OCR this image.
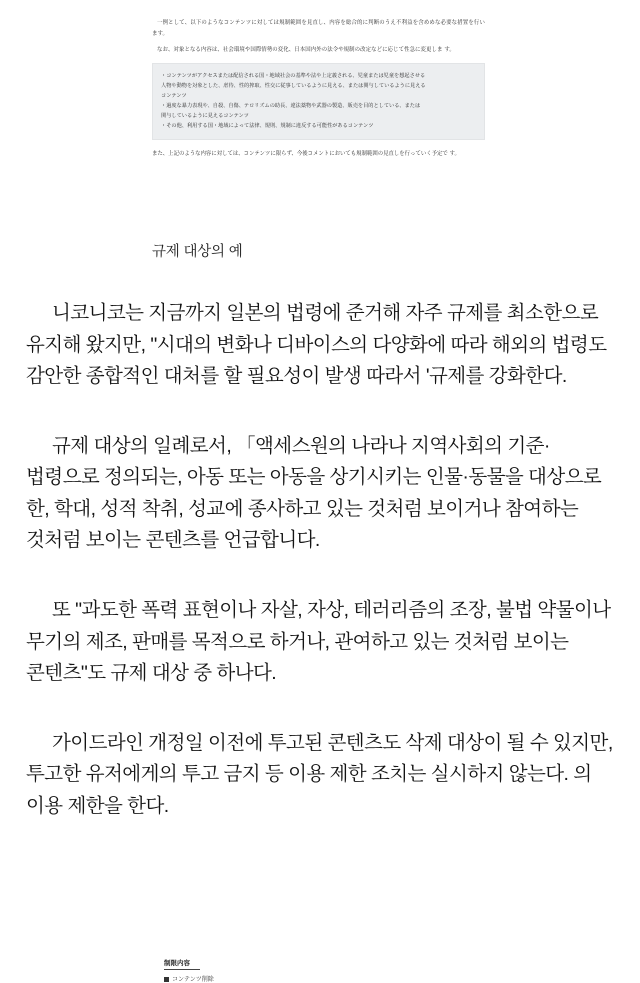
一例として、以下のようなコンテンツに対しては規制範囲を見直し、内容を総合的に判断のうえ不利益を含めめな必要な措置を行います。
なお、対象となる内容は、社会環境や国際情勢の変化、日本国内外の法令や規制の改定などに応じて性急に変更しま す。
・コンテンツがアクセスまたは配信される国・地域社会の基準や法や上定義される、児童または児童を想起させる
人物や動物を対象とした、虐待、性的搾取、性交に従事しているように見える、または関与しているように見える
コンテンツ
・過度な暴力表現や、自殺、自傷、テロリズムの助長、違法薬物や武器の製造、販売を目的としている、または
関与しているように見えるコンテンツ
・その他、利用する国・地域によって法律、規則、規制に違反する可能性があるコンテンツ
また、上記のような内容に対しては、コンテンツに限らず、今後コメントにおいても規制範囲の見直しを行っていく予定で す。
규제 대상의 예

니코니코는 지금까지 일본의 법령에 준거해 자주 규제를 최소한으로 유지해 왔지만, "시대의 변화나 디바이스의 다양화에 따라 해외의 법령도 감안한 종합적인 대처를 할 필요성이 발생 따라서 '규제를 강화한다.

규제 대상의 일례로서, 「액세스원의 나라나 지역사회의 기준·법령으로 정의되는, 아동 또는 아동을 상기시키는 인물·동물을 대상으로 한, 학대, 성적 착취, 성교에 종사하고 있는 것처럼 보이거나 참여하는 것처럼 보이는 콘텐츠를 언급합니다.

또 "과도한 폭력 표현이나 자살, 자상, 테러리즘의 조장, 불법 약물이나 무기의 제조, 판매를 목적으로 하거나, 관여하고 있는 것처럼 보이는 콘텐츠"도 규제 대상 중 하나다.

가이드라인 개정일 이전에 투고된 콘텐츠도 삭제 대상이 될 수 있지만, 투고한 유저에게의 투고 금지 등 이용 제한 조치는 실시하지 않는다. 의 이용 제한을 한다.

制限内容
コンテンツ削除
